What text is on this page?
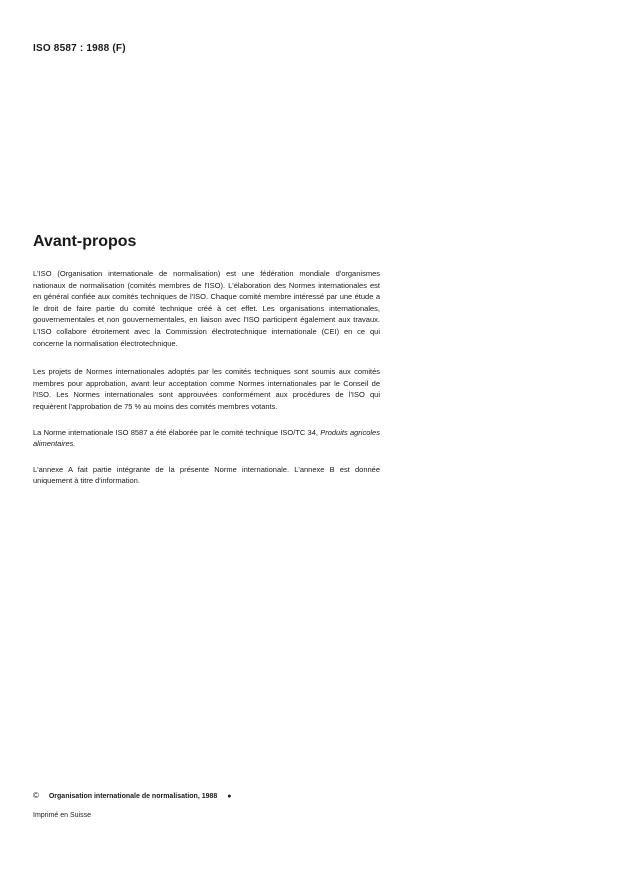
ISO 8587 : 1988 (F)
Avant-propos

L'ISO (Organisation internationale de normalisation) est une fédération mondiale d'organismes nationaux de normalisation (comités membres de l'ISO). L'élaboration des Normes internationales est en général confiée aux comités techniques de l'ISO. Chaque comité membre intéressé par une étude a le droit de faire partie du comité technique créé à cet effet. Les organisations internationales, gouvernementales et non gouvernementales, en liaison avec l'ISO participent également aux travaux. L'ISO collabore étroitement avec la Commission électrotechnique internationale (CEI) en ce qui concerne la normalisation électrotechnique.

Les projets de Normes internationales adoptés par les comités techniques sont soumis aux comités membres pour approbation, avant leur acceptation comme Normes internationales par le Conseil de l'ISO. Les Normes internationales sont approuvées conformément aux procédures de l'ISO qui requièrent l'approbation de 75 % au moins des comités membres votants.

La Norme internationale ISO 8587 a été élaborée par le comité technique ISO/TC 34, Produits agricoles alimentaires.

L'annexe A fait partie intégrante de la présente Norme internationale. L'annexe B est donnée uniquement à titre d'information.

© Organisation internationale de normalisation, 1988 ●
Imprimé en Suisse
